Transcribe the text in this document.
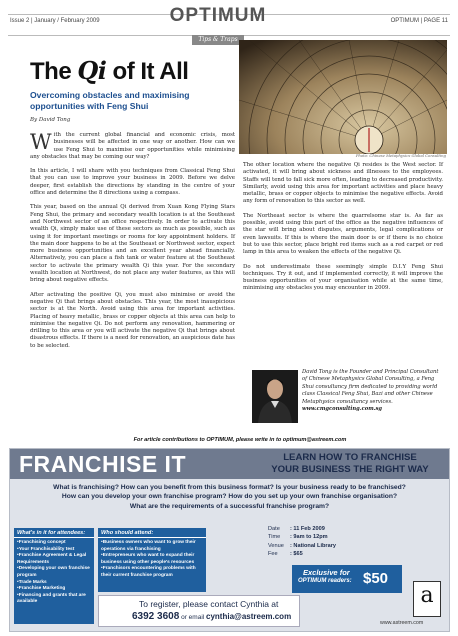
Issue 2 | January / February 2009	OPTIMUM | PAGE 11
OPTIMUM
Tips & Traps
The Qi of It All
Overcoming obstacles and maximising opportunities with Feng Shui
By David Tong

With the current global financial and economic crisis, most businesses will be affected in one way or another. How can we use Feng Shui to maximise our opportunities while minimising any obstacles that may be coming our way?

In this article, I will share with you techniques from Classical Feng Shui that you can use to improve your business in 2009. Before we delve deeper, first establish the directions by standing in the centre of your office and determine the 8 directions using a compass.

This year, based on the annual Qi derived from Xuan Kong Flying Stars Feng Shui, the primary and secondary wealth location is at the Southeast and Northwest sector of an office respectively. In order to activate this wealth Qi, simply make use of these sectors as much as possible, such as using it for important meetings or rooms for key appointment holders. If the main door happens to be at the Southeast or Northwest sector, expect more business opportunities and an excellent year ahead financially. Alternatively, you can place a fish tank or water feature at the Southeast sector to activate the primary wealth Qi this year. For the secondary wealth location at Northwest, do not place any water features, as this will bring about negative effects.

After activating the positive Qi, you must also minimise or avoid the negative Qi that brings about obstacles. This year, the most inauspicious sector is at the North. Avoid using this area for important activities. Placing of heavy metallic, brass or copper objects at this area can help to minimise the negative Qi. Do not perform any renovation, hammering or drilling to this area or you will activate the negative Qi that brings about disastrous effects. If there is a need for renovation, an auspicious date has to be selected.

Photo: Chinese Metaphysics Global Consulting

The other location where the negative Qi resides is the West sector. If activated, it will bring about sickness and illnesses to the employees. Staffs will tend to fall sick more often, leading to decreased productivity. Similarly, avoid using this area for important activities and place heavy metallic, brass or copper objects to minimise the negative effects. Avoid any form of renovation to this sector as well.

The Northeast sector is where the quarrelsome star is. As far as possible, avoid using this part of the office as the negative influences of the star will bring about disputes, arguments, legal complications or even lawsuits. If this is where the main door is or if there is no choice but to use this sector, place bright red items such as a red carpet or red lamp in this area to weaken the effects of the negative Qi.

Do not underestimate these seemingly simple D.I.Y Feng Shui techniques. Try it out, and if implemented correctly, it will improve the business opportunities of your organisation while at the same time, minimising any obstacles you may encounter in 2009.

David Tong is the Founder and Principal Consultant of Chinese Metaphysics Global Consulting, a Feng Shui consultancy firm dedicated to providing world class Classical Feng Shui, Bazi and other Chinese Metaphysics consultancy services.
www.cmgconsulting.com.sg
For article contributions to OPTIMUM, please write in to optimum@astreem.com
FRANCHISE IT	LEARN HOW TO FRANCHISE
YOUR BUSINESS THE RIGHT WAY
What is franchising? How can you benefit from this business format? Is your business ready to be franchised?
How can you develop your own franchise program? How do you set up your own franchise organisation?
What are the requirements of a successful franchise program?
What's in it for attendees:
• Franchising concept
• Your Franchisability test
• Franchise Agreement & Legal Requirements
• Developing your own franchise program
• Trade Marks
• Franchise Marketing
• Financing and grants that are available
Who should attend:
• Business owners who want to grow their operations via franchising
• Entrepreneurs who want to expand their business using other people's resources
• Franchisors encountering problems with their current franchise program
Date	: 11 Feb 2009
Time	: 9am to 12pm
Venue	: National Library
Fee	: $65
Exclusive for
OPTIMUM readers: $50
To register, please contact Cynthia at
6392 3608 or email cynthia@astreem.com
a
www.astreem.com
